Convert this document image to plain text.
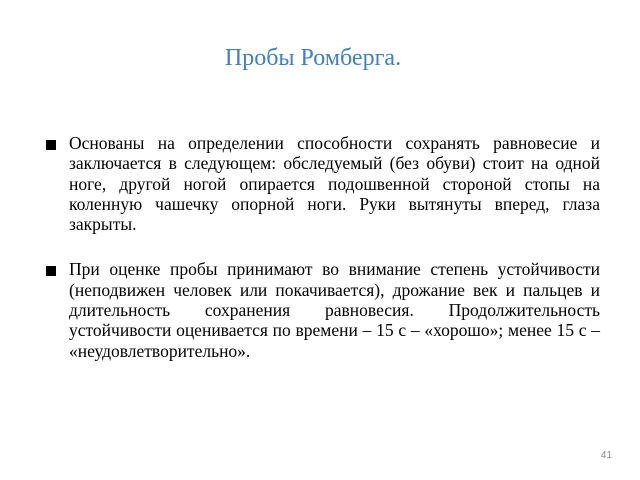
Пробы Ромберга.
Основаны на определении способности сохранять равновесие и заключается в следующем: обследуемый (без обуви) стоит на одной ноге, другой ногой опирается подошвенной стороной стопы на коленную чашечку опорной ноги. Руки вытянуты вперед, глаза закрыты.
При оценке пробы принимают во внимание степень устойчивости (неподвижен человек или покачивается), дрожание век и пальцев и длительность сохранения равновесия. Продолжительность устойчивости оценивается по времени – 15 с – «хорошо»; менее 15 с – «неудовлетворительно».
41
